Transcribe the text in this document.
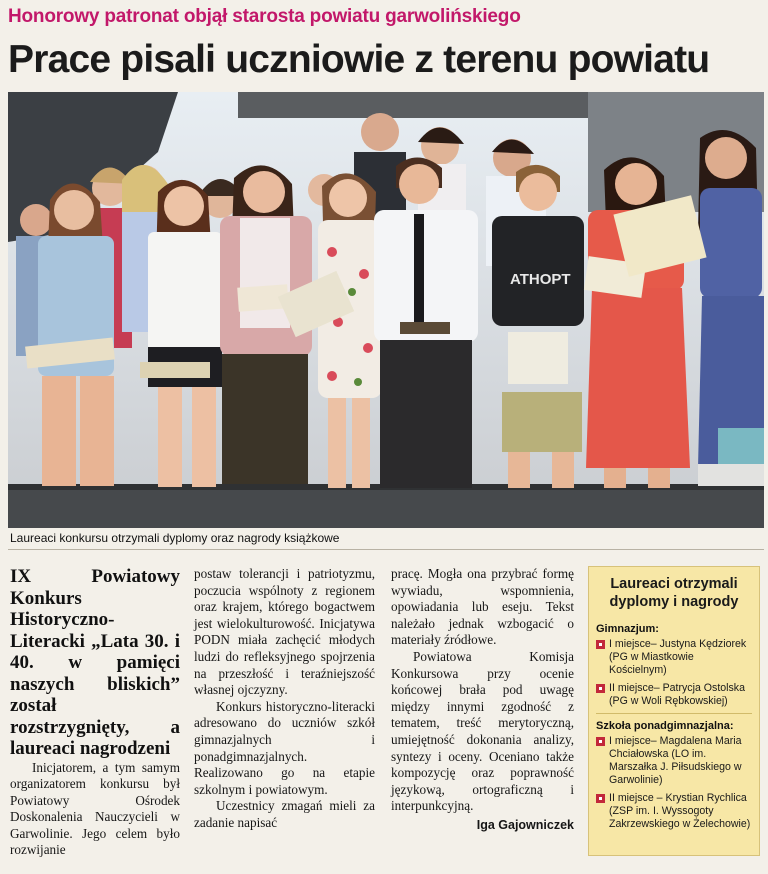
Honorowy patronat objął starosta powiatu garwolińskiego
Prace pisali uczniowie z terenu powiatu
ATHOPT
Laureaci konkursu otrzymali dyplomy oraz nagrody książkowe

IX Powiatowy Konkurs Historyczno-Literacki „Lata 30. i 40. w pamięci naszych bliskich” został rozstrzygnięty, a laureaci nagrodzeni

Inicjatorem, a tym samym organizatorem konkursu był Powiatowy Ośrodek Doskonalenia Nauczycieli w Garwolinie. Jego celem było rozwijanie

postaw tolerancji i patriotyzmu, poczucia wspólnoty z regionem oraz krajem, którego bogactwem jest wielokulturowość. Inicjatywa PODN miała zachęcić młodych ludzi do refleksyjnego spojrzenia na przeszłość i teraźniejszość własnej ojczyzny.

Konkurs historyczno-literacki adresowano do uczniów szkół gimnazjalnych i ponadgimnazjalnych. Realizowano go na etapie szkolnym i powiatowym.

Uczestnicy zmagań mieli za zadanie napisać

pracę. Mogła ona przybrać formę wywiadu, wspomnienia, opowiadania lub eseju. Tekst należało jednak wzbogacić o materiały źródłowe.

Powiatowa Komisja Konkursowa przy ocenie końcowej brała pod uwagę między innymi zgodność z tematem, treść merytoryczną, umiejętność dokonania analizy, syntezy i oceny. Oceniano także kompozycję oraz poprawność językową, ortograficzną i interpunkcyjną.

Iga Gajowniczek
Laureaci otrzymali dyplomy i nagrody
Gimnazjum:
I miejsce– Justyna Kędziorek (PG w Miastkowie Kościelnym)
II miejsce– Patrycja Ostolska (PG w Woli Rębkowskiej)
Szkoła ponadgimnazjalna:
I miejsce– Magdalena Maria Chciałowska (LO im. Marszałka J. Piłsudskiego w Garwolinie)
II miejsce – Krystian Rychlica (ZSP im. I. Wyssogoty Zakrzewskiego w Żelechowie)
